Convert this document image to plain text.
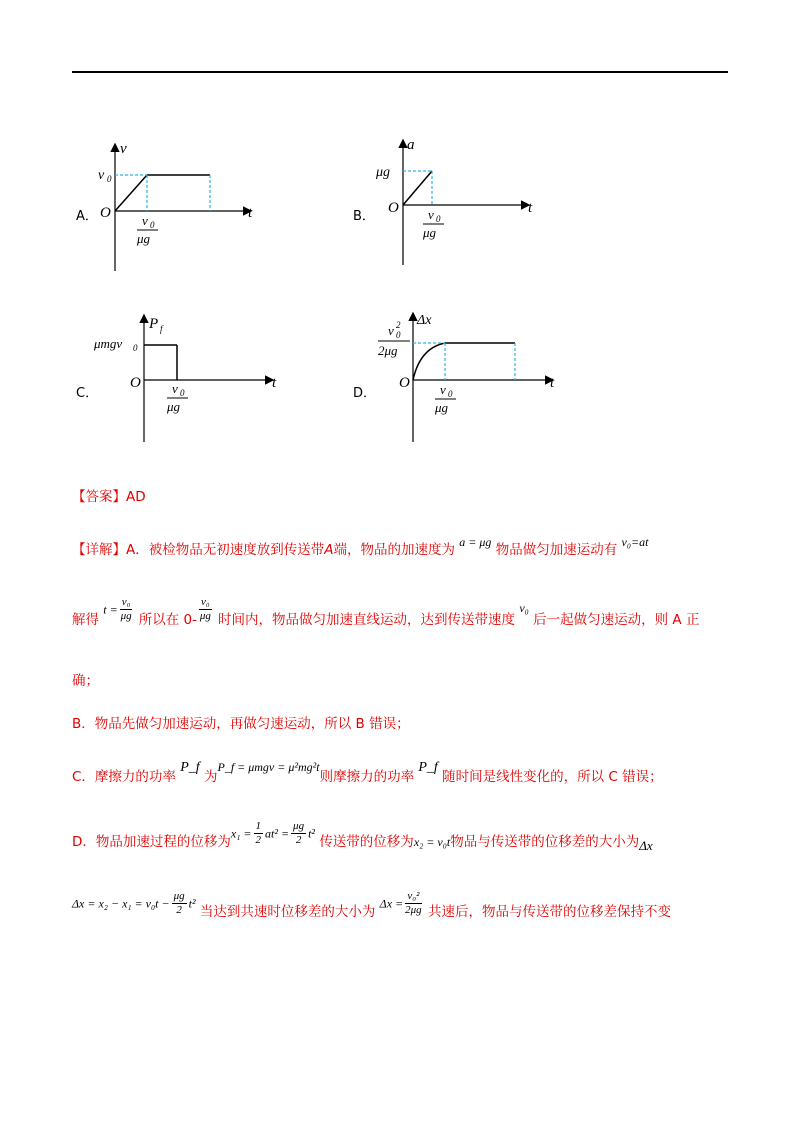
A．
v
v 0
O	t
v 0
μg
B．
a
μg
O	t
v 0
μg
C．
P f
μmgv 0
O	t
v 0
μg
D．
Δx
v 0
2
2μg
O	t
v 0
μg
【答案】AD
【详解】A．被检物品无初速度放到传送带A端，物品的加速度为 a = μg 物品做匀加速运动有 v₀=at
解得 $t = \frac{\text{v₀}}{\mu g}$ 所以在 $0- \frac{\text{v₀}}{\mu g}$ 时间内，物品做匀加速直线运动，达到传送带速度 v₀ 后一起做匀速运动，则 A 正
确；
B．物品先做匀加速运动，再做匀速运动，所以 B 错误；
C．摩擦力的功率 P_f 为P_f = μmgv = μ²mg²t则摩擦力的功率 P_f 随时间是线性变化的，所以 C 错误；
D．物品加速过程的位移为$x_1 = \frac{1}{2} at^2 = \frac{\mu g}{2} t^2$ 传送带的位移为x₂ = v₀t物品与传送带的位移差的大小为Δx
$\Delta x = x_2 - x_1 = v_0t - \frac{\mu g}{2} t^2$ 当达到共速时位移差的大小为 $\Delta x = \frac{\text{v₀²}}{2\mu g}$ 共速后，物品与传送带的位移差保持不变
